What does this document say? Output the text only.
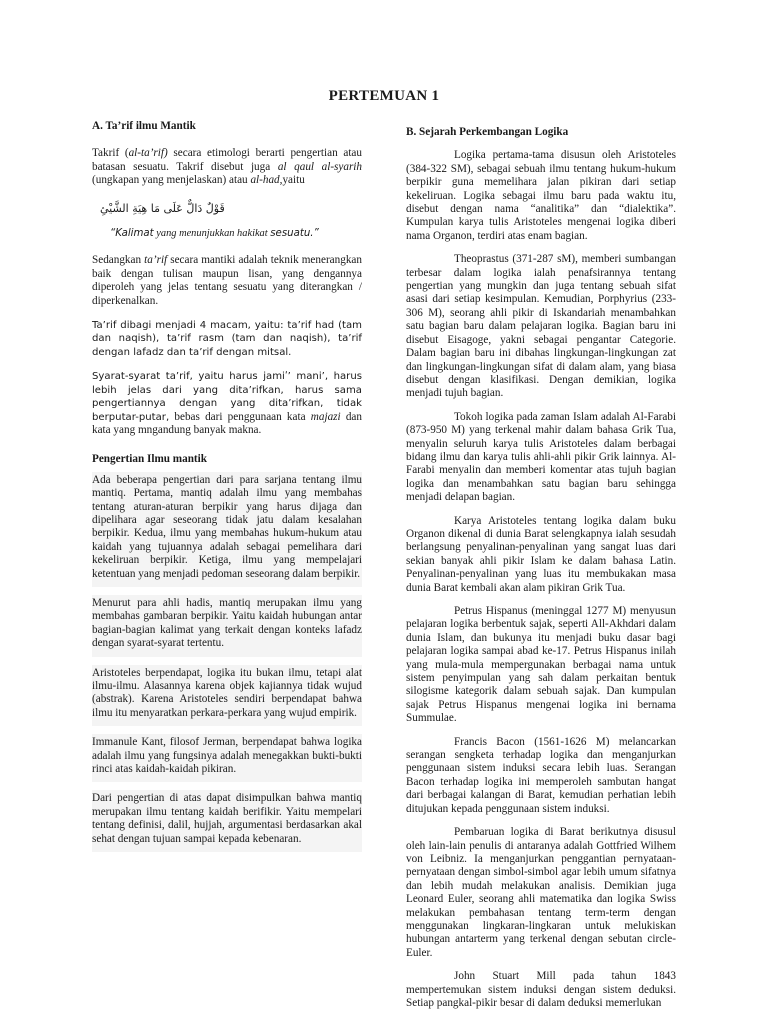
PERTEMUAN 1
A. Ta’rif ilmu Mantik

Takrif (al-ta’rif) secara etimologi berarti pengertian atau batasan sesuatu. Takrif disebut juga al qaul al-syarih (ungkapan yang menjelaskan) atau al-had,yaitu

قَوْلٌ دَالٌّ عَلَى مَا هِيَةِ الشَّيْئِ
“Kalimat yang menunjukkan hakikat sesuatu.”

Sedangkan ta’rif secara mantiki adalah teknik menerangkan baik dengan tulisan maupun lisan, yang dengannya diperoleh yang jelas tentang sesuatu yang diterangkan / diperkenalkan.

Ta’rif dibagi menjadi 4 macam, yaitu: ta’rif had (tam dan naqish), ta’rif rasm (tam dan naqish), ta’rif dengan lafadz dan ta’rif dengan mitsal.

Syarat-syarat ta’rif, yaitu harus jamiʹ’ mani’, harus lebih jelas dari yang dita’rifkan, harus sama pengertiannya dengan yang dita’rifkan, tidak berputar-putar, bebas dari penggunaan kata majazi dan kata yang mngandung banyak makna.

Pengertian Ilmu mantik

Ada beberapa pengertian dari para sarjana tentang ilmu mantiq. Pertama, mantiq adalah ilmu yang membahas tentang aturan-aturan berpikir yang harus dijaga dan dipelihara agar seseorang tidak jatu dalam kesalahan berpikir. Kedua, ilmu yang membahas hukum-hukum atau kaidah yang tujuannya adalah sebagai pemelihara dari kekeliruan berpikir. Ketiga, ilmu yang mempelajari ketentuan yang menjadi pedoman seseorang dalam berpikir.

Menurut para ahli hadis, mantiq merupakan ilmu yang membahas gambaran berpikir. Yaitu kaidah hubungan antar bagian-bagian kalimat yang terkait dengan konteks lafadz dengan syarat-syarat tertentu.

Aristoteles berpendapat, logika itu bukan ilmu, tetapi alat ilmu-ilmu. Alasannya karena objek kajiannya tidak wujud (abstrak). Karena Aristoteles sendiri berpendapat bahwa ilmu itu menyaratkan perkara-perkara yang wujud empirik.

Immanule Kant, filosof Jerman, berpendapat bahwa logika adalah ilmu yang fungsinya adalah menegakkan bukti-bukti rinci atas kaidah-kaidah pikiran.

Dari pengertian di atas dapat disimpulkan bahwa mantiq merupakan ilmu tentang kaidah berifikir. Yaitu mempelari tentang definisi, dalil, hujjah, argumentasi berdasarkan akal sehat dengan tujuan sampai kepada kebenaran.

B. Sejarah Perkembangan Logika

Logika pertama-tama disusun oleh Aristoteles (384-322 SM), sebagai sebuah ilmu tentang hukum-hukum berpikir guna memelihara jalan pikiran dari setiap kekeliruan. Logika sebagai ilmu baru pada waktu itu, disebut dengan nama “analitika” dan “dialektika”. Kumpulan karya tulis Aristoteles mengenai logika diberi nama Organon, terdiri atas enam bagian.

Theoprastus (371-287 sM), memberi sumbangan terbesar dalam logika ialah penafsirannya tentang pengertian yang mungkin dan juga tentang sebuah sifat asasi dari setiap kesimpulan. Kemudian, Porphyrius (233-306 M), seorang ahli pikir di Iskandariah menambahkan satu bagian baru dalam pelajaran logika. Bagian baru ini disebut Eisagoge, yakni sebagai pengantar Categorie. Dalam bagian baru ini dibahas lingkungan-lingkungan zat dan lingkungan-lingkungan sifat di dalam alam, yang biasa disebut dengan klasifikasi. Dengan demikian, logika menjadi tujuh bagian.

Tokoh logika pada zaman Islam adalah Al-Farabi (873-950 M) yang terkenal mahir dalam bahasa Grik Tua, menyalin seluruh karya tulis Aristoteles dalam berbagai bidang ilmu dan karya tulis ahli-ahli pikir Grik lainnya. Al-Farabi menyalin dan memberi komentar atas tujuh bagian logika dan menambahkan satu bagian baru sehingga menjadi delapan bagian.

Karya Aristoteles tentang logika dalam buku Organon dikenal di dunia Barat selengkapnya ialah sesudah berlangsung penyalinan-penyalinan yang sangat luas dari sekian banyak ahli pikir Islam ke dalam bahasa Latin. Penyalinan-penyalinan yang luas itu membukakan masa dunia Barat kembali akan alam pikiran Grik Tua.

Petrus Hispanus (meninggal 1277 M) menyusun pelajaran logika berbentuk sajak, seperti All-Akhdari dalam dunia Islam, dan bukunya itu menjadi buku dasar bagi pelajaran logika sampai abad ke-17. Petrus Hispanus inilah yang mula-mula mempergunakan berbagai nama untuk sistem penyimpulan yang sah dalam perkaitan bentuk silogisme kategorik dalam sebuah sajak. Dan kumpulan sajak Petrus Hispanus mengenai logika ini bernama Summulae.

Francis Bacon (1561-1626 M) melancarkan serangan sengketa terhadap logika dan menganjurkan penggunaan sistem induksi secara lebih luas. Serangan Bacon terhadap logika ini memperoleh sambutan hangat dari berbagai kalangan di Barat, kemudian perhatian lebih ditujukan kepada penggunaan sistem induksi.

Pembaruan logika di Barat berikutnya disusul oleh lain-lain penulis di antaranya adalah Gottfried Wilhem von Leibniz. Ia menganjurkan penggantian pernyataan-pernyataan dengan simbol-simbol agar lebih umum sifatnya dan lebih mudah melakukan analisis. Demikian juga Leonard Euler, seorang ahli matematika dan logika Swiss melakukan pembahasan tentang term-term dengan menggunakan lingkaran-lingkaran untuk melukiskan hubungan antarterm yang terkenal dengan sebutan circle-Euler.

John Stuart Mill pada tahun 1843 mempertemukan sistem induksi dengan sistem deduksi. Setiap pangkal-pikir besar di dalam deduksi memerlukan
